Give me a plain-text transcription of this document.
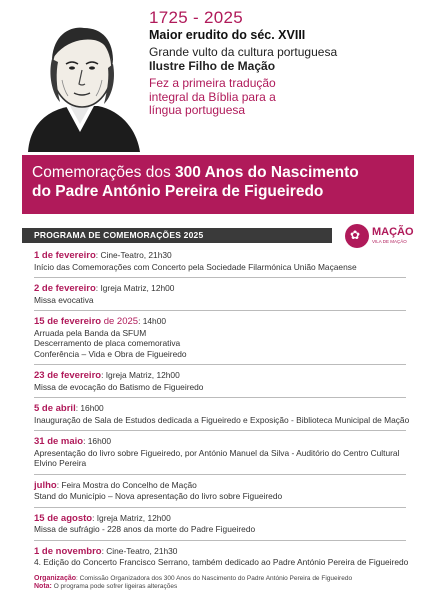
1725 - 2025
Maior erudito do séc. XVIII
Grande vulto da cultura portuguesa
Ilustre Filho de Mação
Fez a primeira tradução integral da Bíblia para a língua portuguesa
Comemorações dos 300 Anos do Nascimento
do Padre António Pereira de Figueiredo
PROGRAMA DE COMEMORAÇÕES 2025	✿ MAÇÃO
VILA DE MAÇÃO
1 de fevereiro: Cine-Teatro, 21h30
Início das Comemorações com Concerto pela Sociedade Filarmónica União Maçaense
2 de fevereiro: Igreja Matriz, 12h00
Missa evocativa
15 de fevereiro de 2025: 14h00
Arruada pela Banda da SFUM
Descerramento de placa comemorativa
Conferência – Vida e Obra de Figueiredo
23 de fevereiro: Igreja Matriz, 12h00
Missa de evocação do Batismo de Figueiredo
5 de abril: 16h00
Inauguração de Sala de Estudos dedicada a Figueiredo e Exposição - Biblioteca Municipal de Mação
31 de maio: 16h00
Apresentação do livro sobre Figueiredo, por António Manuel da Silva - Auditório do Centro Cultural Elvino Pereira
julho: Feira Mostra do Concelho de Mação
Stand do Município – Nova apresentação do livro sobre Figueiredo
15 de agosto: Igreja Matriz, 12h00
Missa de sufrágio - 228 anos da morte do Padre Figueiredo
1 de novembro: Cine-Teatro, 21h30
4. Edição do Concerto Francisco Serrano, também dedicado ao Padre António Pereira de Figueiredo
Organização: Comissão Organizadora dos 300 Anos do Nascimento do Padre António Pereira de Figueiredo
Nota: O programa pode sofrer ligeiras alterações
